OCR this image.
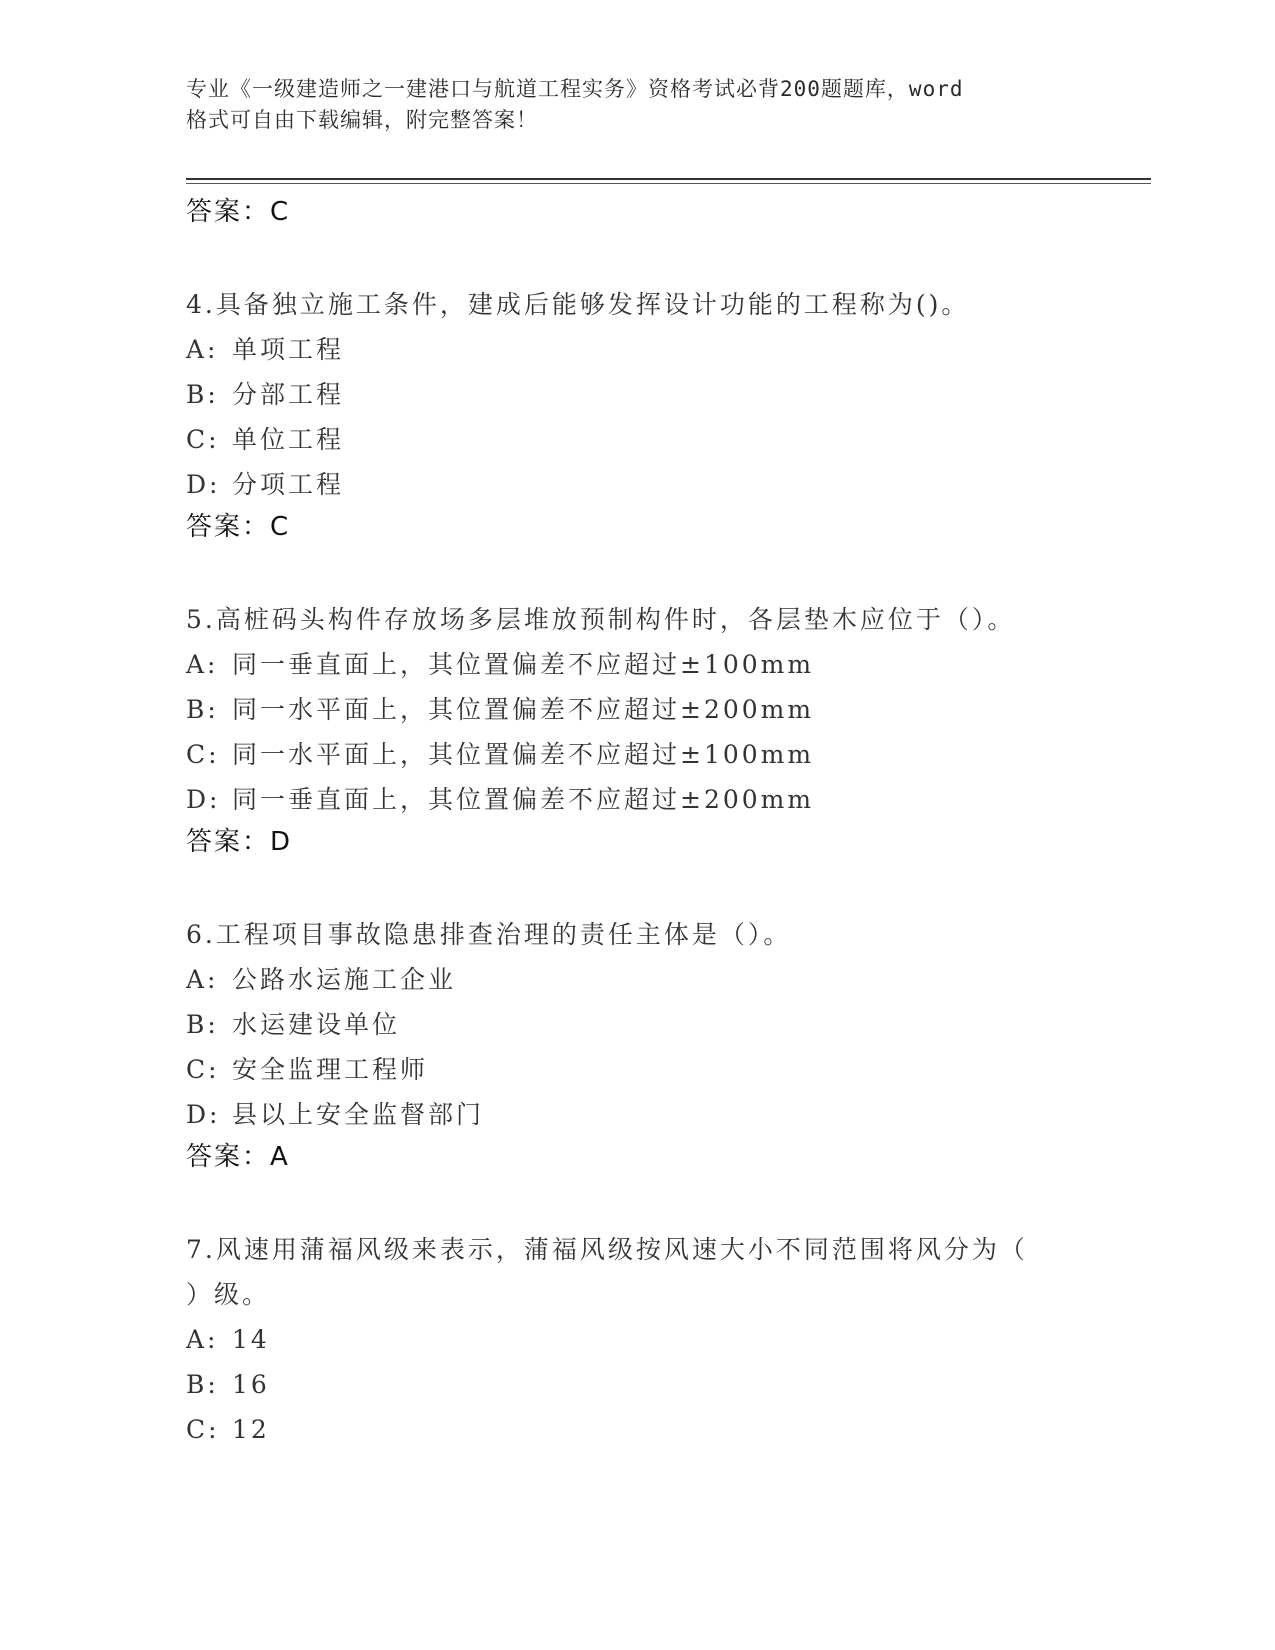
专业《一级建造师之一建港口与航道工程实务》资格考试必背200题题库，word
格式可自由下载编辑，附完整答案！
答案：C
4.具备独立施工条件，建成后能够发挥设计功能的工程称为()。
A: 单项工程
B: 分部工程
C: 单位工程
D: 分项工程
答案：C
5.高桩码头构件存放场多层堆放预制构件时，各层垫木应位于（）。
A: 同一垂直面上，其位置偏差不应超过±100mm
B: 同一水平面上，其位置偏差不应超过±200mm
C: 同一水平面上，其位置偏差不应超过±100mm
D: 同一垂直面上，其位置偏差不应超过±200mm
答案：D
6.工程项目事故隐患排查治理的责任主体是（）。
A: 公路水运施工企业
B: 水运建设单位
C: 安全监理工程师
D: 县以上安全监督部门
答案：A
7.风速用蒲福风级来表示，蒲福风级按风速大小不同范围将风分为（
）级。
A: 14
B: 16
C: 12
